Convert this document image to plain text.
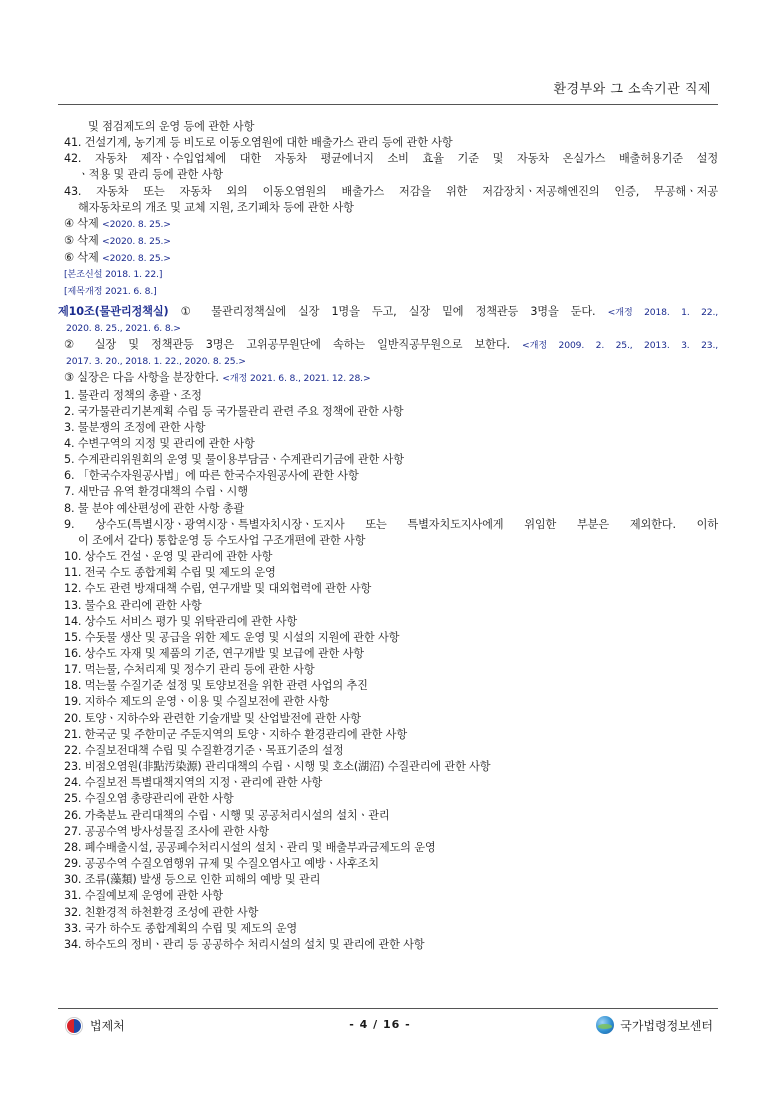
환경부와 그 소속기관 직제
및 점검제도의 운영 등에 관한 사항
41. 건설기계, 농기계 등 비도로 이동오염원에 대한 배출가스 관리 등에 관한 사항
42. 자동차 제작ㆍ수입업체에 대한 자동차 평균에너지 소비 효율 기준 및 자동차 온실가스 배출허용기준 설정
ㆍ적용 및 관리 등에 관한 사항
43. 자동차 또는 자동차 외의 이동오염원의 배출가스 저감을 위한 저감장치ㆍ저공해엔진의 인증, 무공해ㆍ저공
해자동차로의 개조 및 교체 지원, 조기폐차 등에 관한 사항
④ 삭제 <2020. 8. 25.>
⑤ 삭제 <2020. 8. 25.>
⑥ 삭제 <2020. 8. 25.>
[본조신설 2018. 1. 22.]
[제목개정 2021. 6. 8.]
제10조(물관리정책실) ① 물관리정책실에 실장 1명을 두고, 실장 밑에 정책관등 3명을 둔다. <개정 2018. 1. 22.,
2020. 8. 25., 2021. 6. 8.>
② 실장 및 정책관등 3명은 고위공무원단에 속하는 일반직공무원으로 보한다. <개정 2009. 2. 25., 2013. 3. 23.,
2017. 3. 20., 2018. 1. 22., 2020. 8. 25.>
③ 실장은 다음 사항을 분장한다. <개정 2021. 6. 8., 2021. 12. 28.>
1. 물관리 정책의 총괄ㆍ조정
2. 국가물관리기본계획 수립 등 국가물관리 관련 주요 정책에 관한 사항
3. 물분쟁의 조정에 관한 사항
4. 수변구역의 지정 및 관리에 관한 사항
5. 수계관리위원회의 운영 및 물이용부담금ㆍ수계관리기금에 관한 사항
6. 「한국수자원공사법」에 따른 한국수자원공사에 관한 사항
7. 새만금 유역 환경대책의 수립ㆍ시행
8. 물 분야 예산편성에 관한 사항 총괄
9. 상수도(특별시장ㆍ광역시장ㆍ특별자치시장ㆍ도지사 또는 특별자치도지사에게 위임한 부분은 제외한다. 이하
이 조에서 같다) 통합운영 등 수도사업 구조개편에 관한 사항
10. 상수도 건설ㆍ운영 및 관리에 관한 사항
11. 전국 수도 종합계획 수립 및 제도의 운영
12. 수도 관련 방재대책 수립, 연구개발 및 대외협력에 관한 사항
13. 물수요 관리에 관한 사항
14. 상수도 서비스 평가 및 위탁관리에 관한 사항
15. 수돗물 생산 및 공급을 위한 제도 운영 및 시설의 지원에 관한 사항
16. 상수도 자재 및 제품의 기준, 연구개발 및 보급에 관한 사항
17. 먹는물, 수처리제 및 정수기 관리 등에 관한 사항
18. 먹는물 수질기준 설정 및 토양보전을 위한 관련 사업의 추진
19. 지하수 제도의 운영ㆍ이용 및 수질보전에 관한 사항
20. 토양ㆍ지하수와 관련한 기술개발 및 산업발전에 관한 사항
21. 한국군 및 주한미군 주둔지역의 토양ㆍ지하수 환경관리에 관한 사항
22. 수질보전대책 수립 및 수질환경기준ㆍ목표기준의 설정
23. 비점오염원(非點汚染源) 관리대책의 수립ㆍ시행 및 호소(湖沼) 수질관리에 관한 사항
24. 수질보전 특별대책지역의 지정ㆍ관리에 관한 사항
25. 수질오염 총량관리에 관한 사항
26. 가축분뇨 관리대책의 수립ㆍ시행 및 공공처리시설의 설치ㆍ관리
27. 공공수역 방사성물질 조사에 관한 사항
28. 폐수배출시설, 공공폐수처리시설의 설치ㆍ관리 및 배출부과금제도의 운영
29. 공공수역 수질오염행위 규제 및 수질오염사고 예방ㆍ사후조치
30. 조류(藻類) 발생 등으로 인한 피해의 예방 및 관리
31. 수질예보제 운영에 관한 사항
32. 친환경적 하천환경 조성에 관한 사항
33. 국가 하수도 종합계획의 수립 및 제도의 운영
34. 하수도의 정비ㆍ관리 등 공공하수 처리시설의 설치 및 관리에 관한 사항
법제처	- 4 / 16 -	국가법령정보센터
